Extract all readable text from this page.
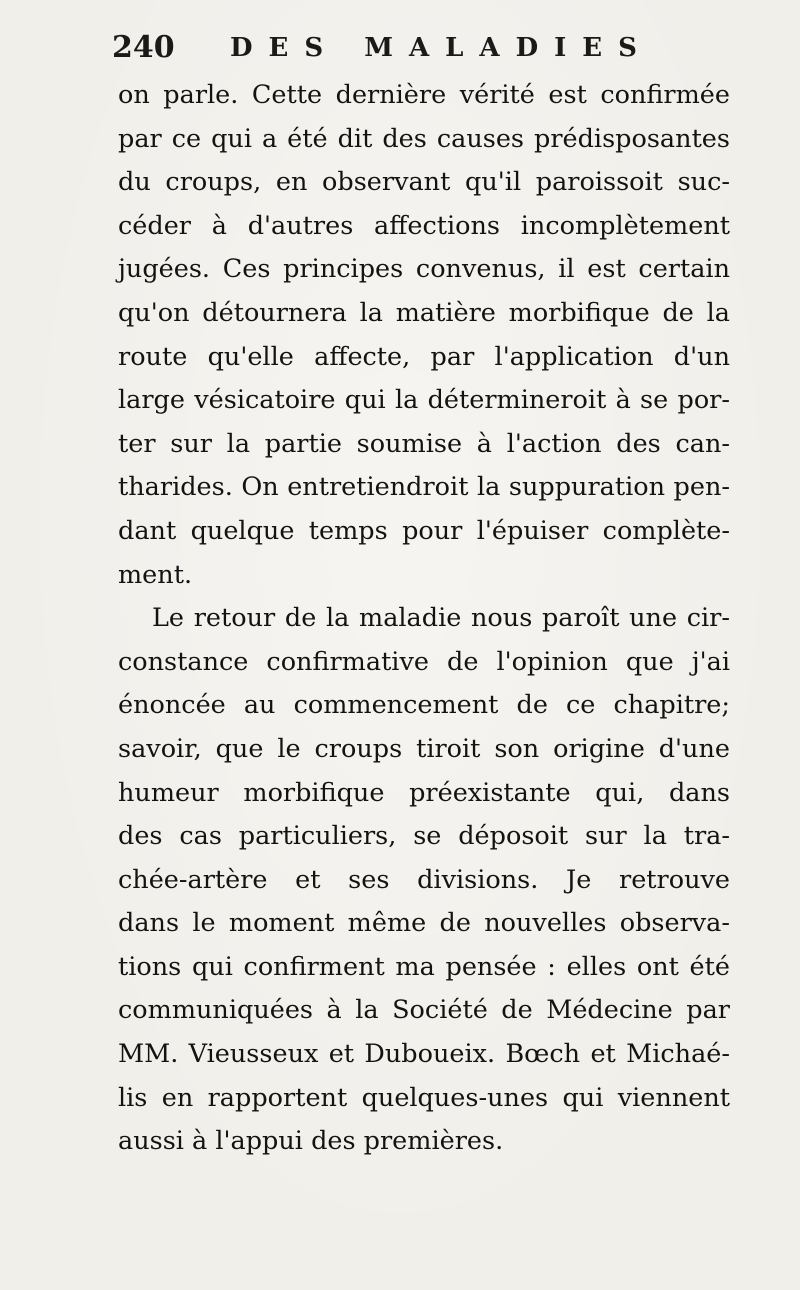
240 DES MALADIES
on parle. Cette dernière vérité est confirmée
par ce qui a été dit des causes prédisposantes
du croups, en observant qu'il paroissoit suc-
céder à d'autres affections incomplètement
jugées. Ces principes convenus, il est certain
qu'on détournera la matière morbifique de la
route qu'elle affecte, par l'application d'un
large vésicatoire qui la détermineroit à se por-
ter sur la partie soumise à l'action des can-
tharides. On entretiendroit la suppuration pen-
dant quelque temps pour l'épuiser complète-
ment.
Le retour de la maladie nous paroît une cir-
constance confirmative de l'opinion que j'ai
énoncée au commencement de ce chapitre;
savoir, que le croups tiroit son origine d'une
humeur morbifique préexistante qui, dans
des cas particuliers, se déposoit sur la tra-
chée-artère et ses divisions. Je retrouve
dans le moment même de nouvelles observa-
tions qui confirment ma pensée : elles ont été
communiquées à la Société de Médecine par
MM. Vieusseux et Duboueix. Bœch et Michaé-
lis en rapportent quelques-unes qui viennent
aussi à l'appui des premières.
